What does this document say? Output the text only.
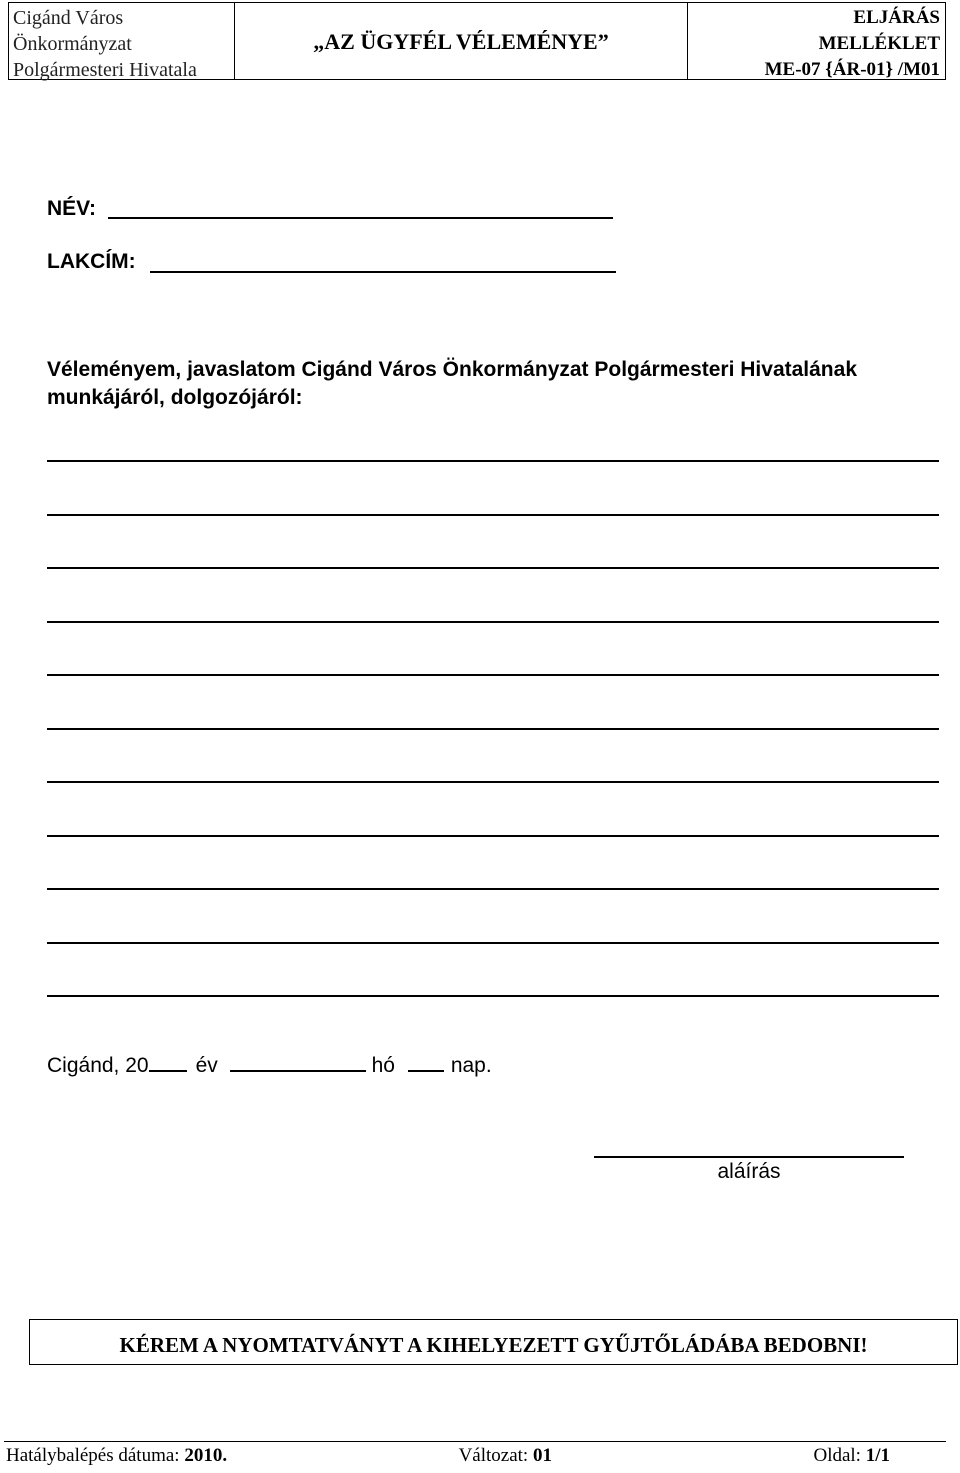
Cigánd Város
Önkormányzat
Polgármesteri Hivatala
„AZ ÜGYFÉL VÉLEMÉNYE”
ELJÁRÁS
MELLÉKLET
ME-07 {ÁR-01} /M01
NÉV:
LAKCÍM:
Véleményem, javaslatom Cigánd Város Önkormányzat Polgármesteri Hivatalának munkájáról, dolgozójáról:
Cigánd, 20 év	hó	nap.
aláírás
KÉREM A NYOMTATVÁNYT A KIHELYEZETT GYŰJTŐLÁDÁBA BEDOBNI!
Hatálybalépés dátuma: 2010.	Változat: 01	Oldal: 1/1
